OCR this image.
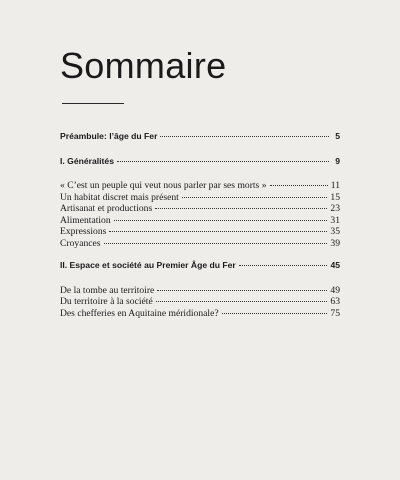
Sommaire
Préambule: l’âge du Fer	5
I. Généralités	9
« C’est un peuple qui veut nous parler par ses morts »	11
Un habitat discret mais présent	15
Artisanat et productions	23
Alimentation	31
Expressions	35
Croyances	39
II. Espace et société au Premier Âge du Fer	45
De la tombe au territoire	49
Du territoire à la société	63
Des chefferies en Aquitaine méridionale?	75
